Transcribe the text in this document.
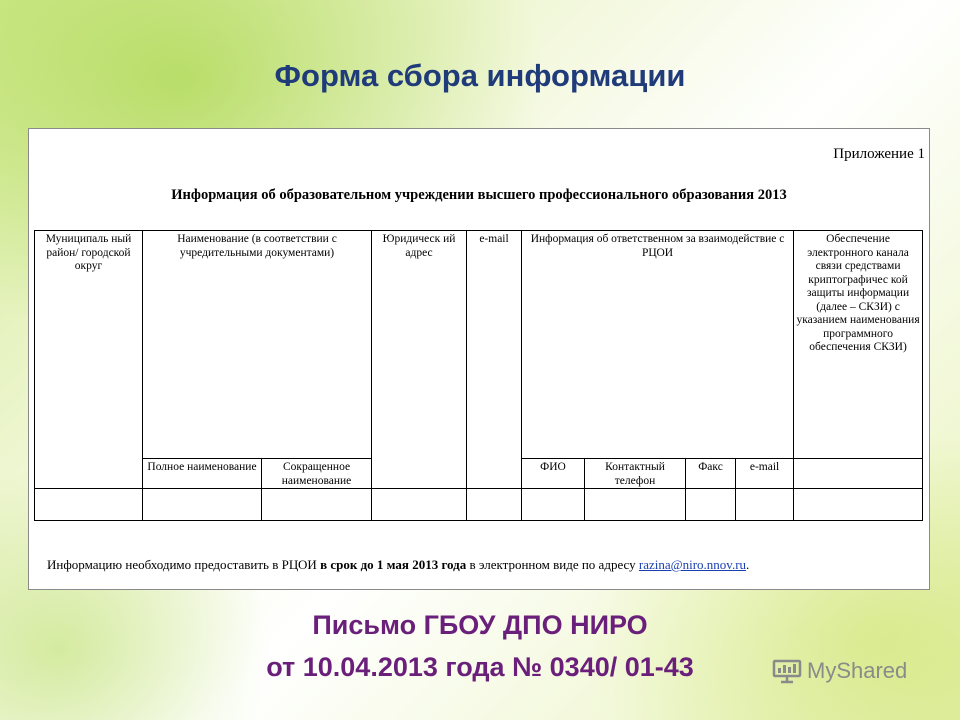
Форма сбора информации
Приложение 1
Информация об образовательном учреждении высшего профессионального образования 2013
Муниципаль ный район/ городской округ	Наименование (в соответствии с учредительными документами)		Юридическ ий адрес	e-mail	Информация об ответственном за взаимодействие с РЦОИ				Обеспечение электронного канала связи средствами криптографичес кой защиты информации (далее – СКЗИ) с указанием наименования программного обеспечения СКЗИ)
	Полное наименование	Сокращенное наименование			ФИО	Контактный телефон	Факс	e-mail	

Информацию необходимо предоставить в РЦОИ в срок до 1 мая 2013 года в электронном виде по адресу razina@niro.nnov.ru.

Письмо ГБОУ ДПО НИРО

от 10.04.2013 года № 0340/ 01-43	MyShared
